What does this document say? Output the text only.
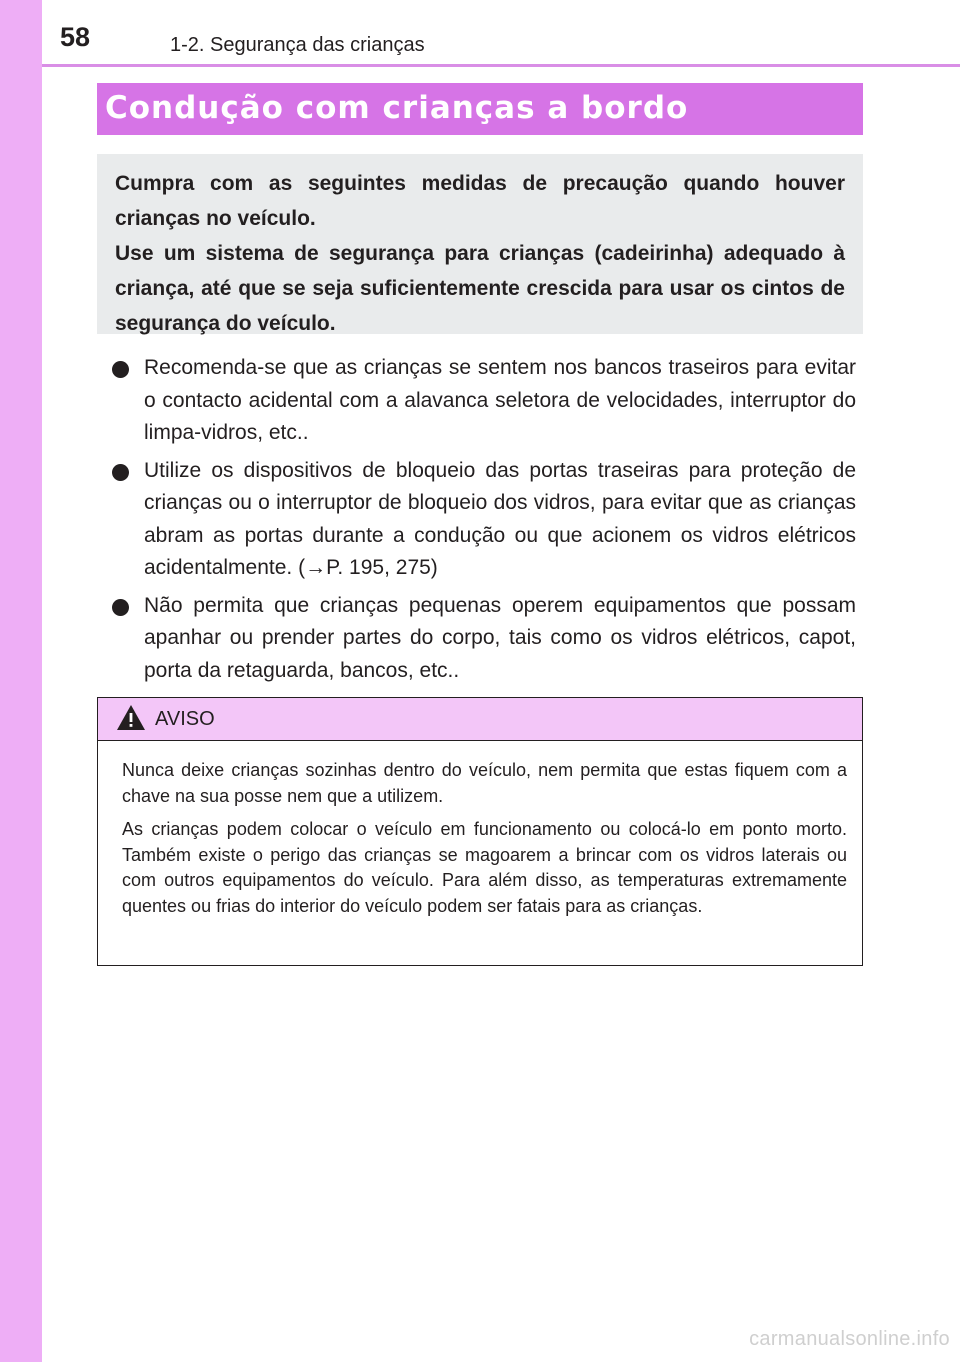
58	1-2. Segurança das crianças
Condução com crianças a bordo

Cumpra com as seguintes medidas de precaução quando houver crianças no veículo.

Use um sistema de segurança para crianças (cadeirinha) adequado à criança, até que se seja suficientemente crescida para usar os cintos de segurança do veículo.

Recomenda-se que as crianças se sentem nos bancos traseiros para evitar o contacto acidental com a alavanca seletora de velocidades, interruptor do limpa-vidros, etc..
Utilize os dispositivos de bloqueio das portas traseiras para proteção de crianças ou o interruptor de bloqueio dos vidros, para evitar que as crianças abram as portas durante a condução ou que acionem os vidros elétricos acidentalmente. (→P. 195, 275)
Não permita que crianças pequenas operem equipamentos que possam apanhar ou prender partes do corpo, tais como os vidros elétricos, capot, porta da retaguarda, bancos, etc..
AVISO

Nunca deixe crianças sozinhas dentro do veículo, nem permita que estas fiquem com a chave na sua posse nem que a utilizem.

As crianças podem colocar o veículo em funcionamento ou colocá-lo em ponto morto. Também existe o perigo das crianças se magoarem a brincar com os vidros laterais ou com outros equipamentos do veículo. Para além disso, as temperaturas extremamente quentes ou frias do interior do veículo podem ser fatais para as crianças.

carmanualsonline.info
